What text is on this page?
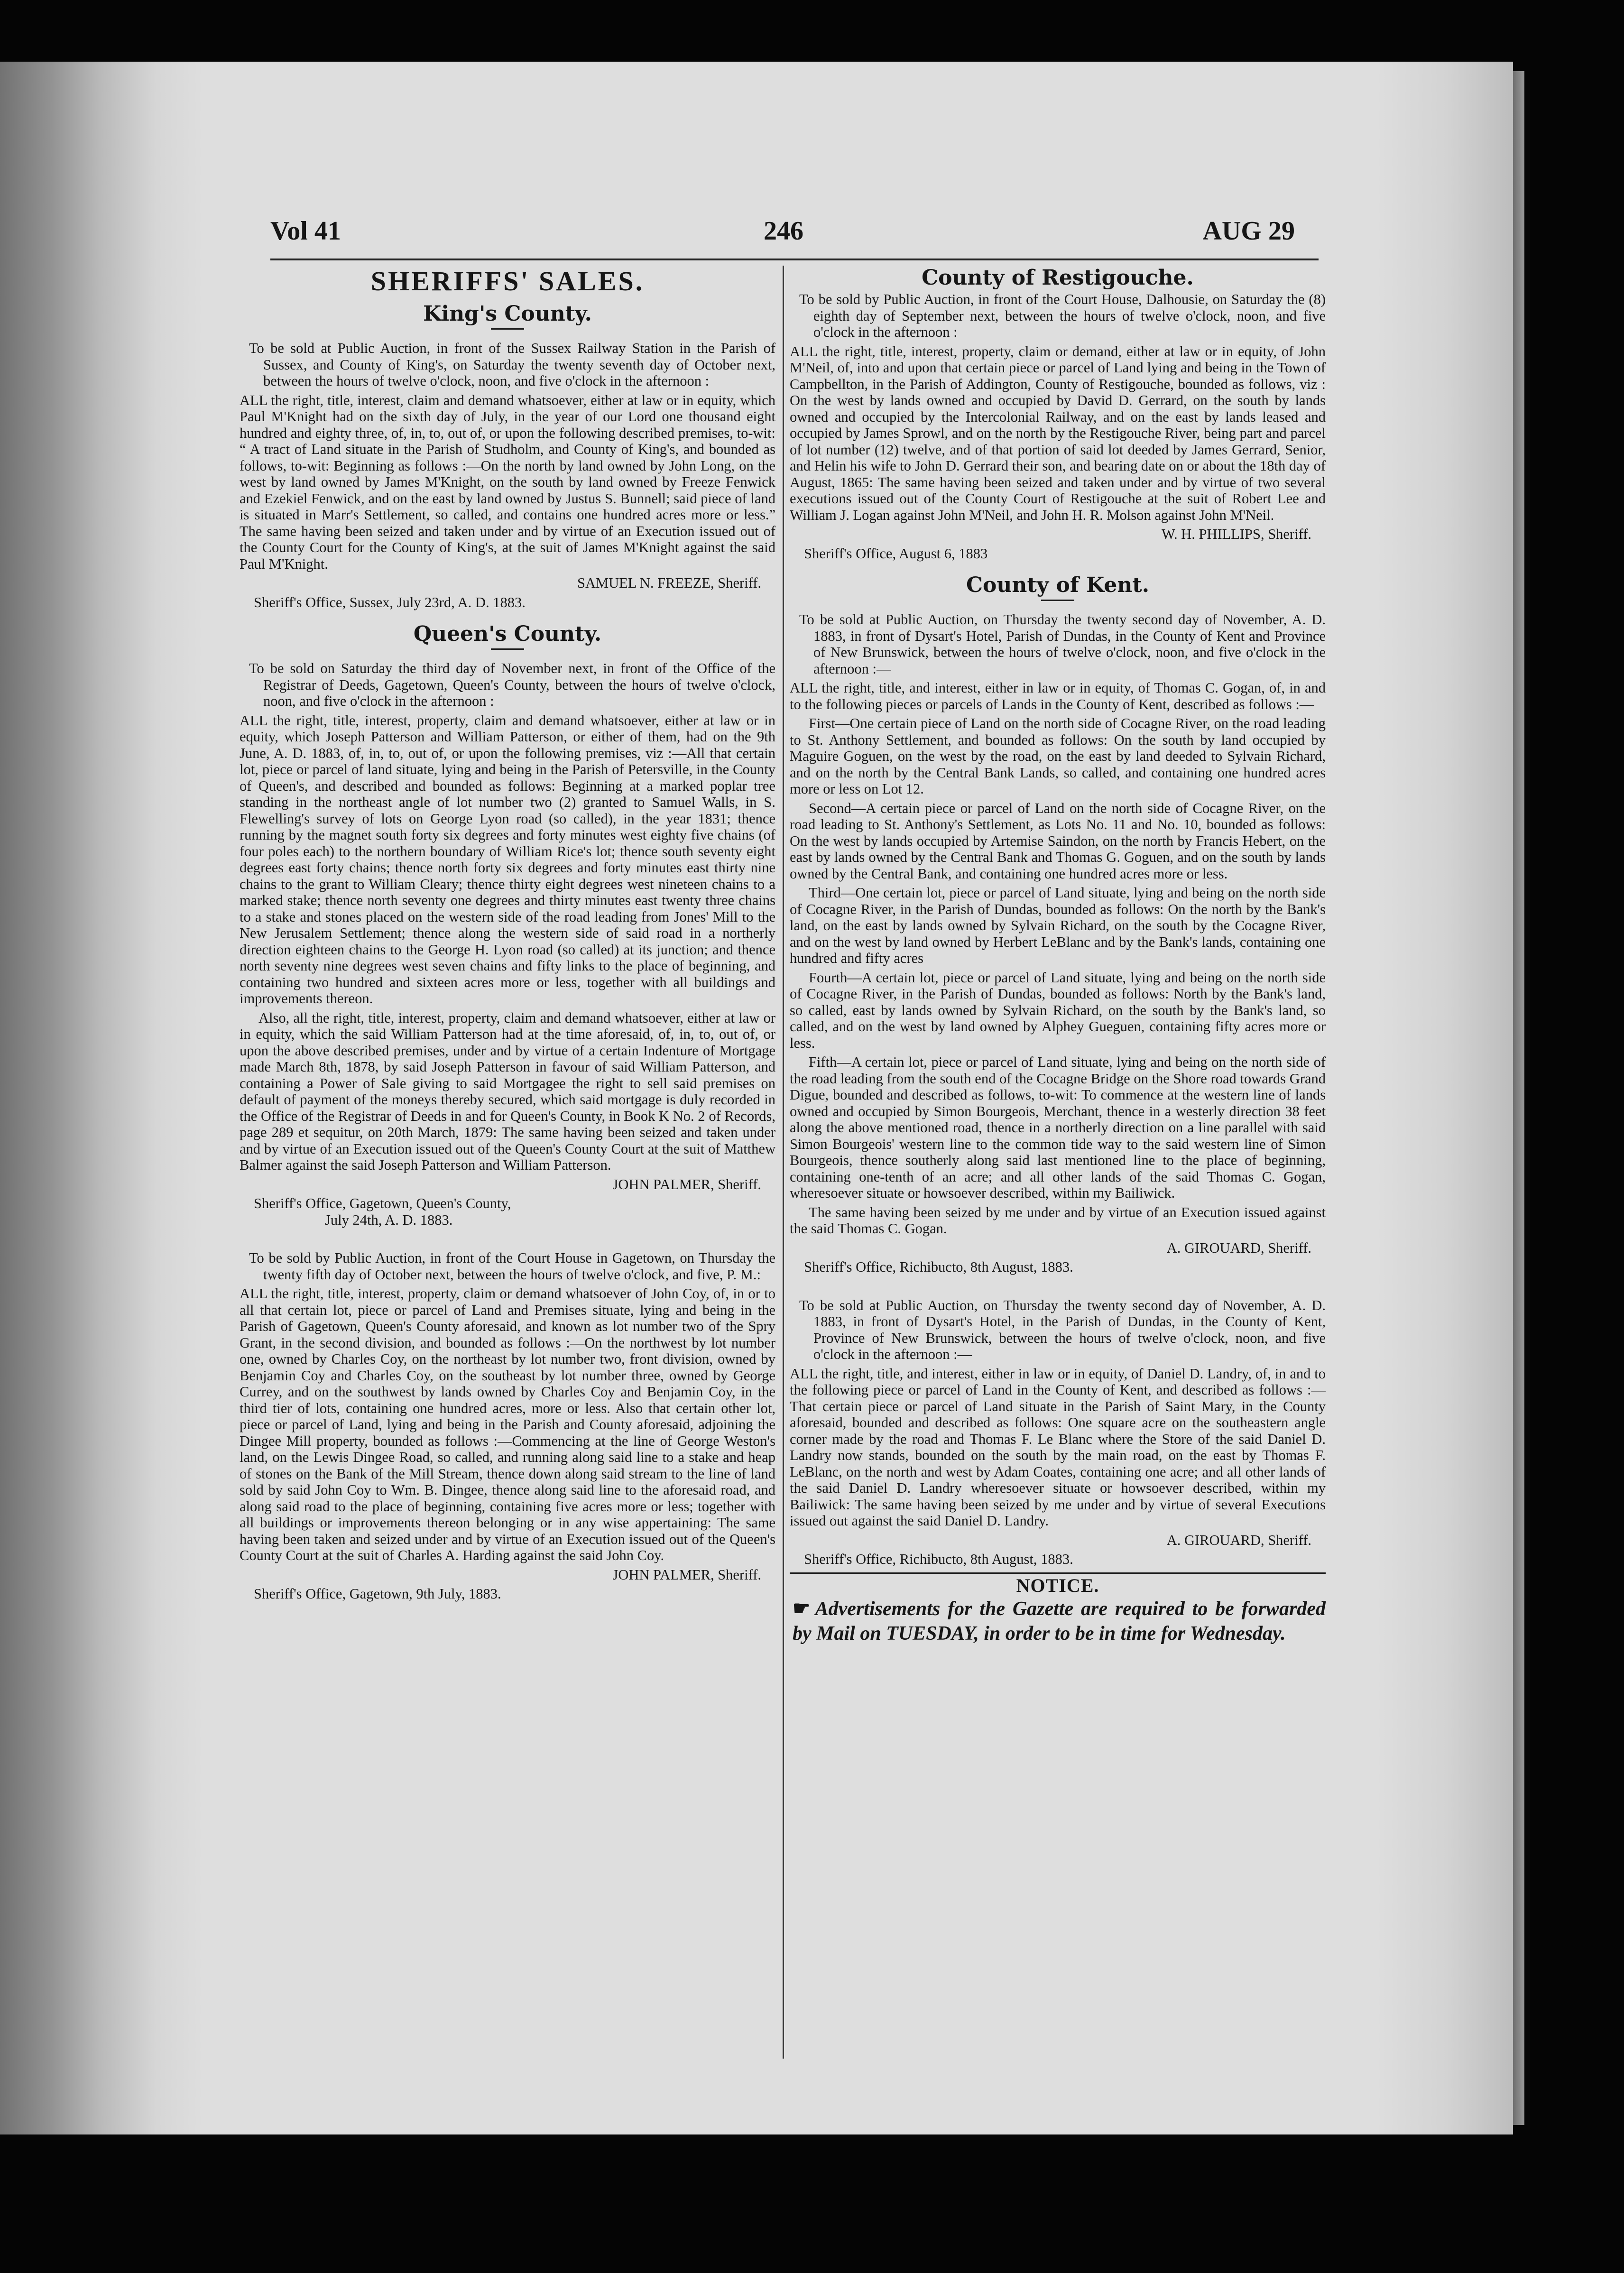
Vol 41	246	AUG 29
SHERIFFS' SALES.
King's County.

To be sold at Public Auction, in front of the Sussex Railway Station in the Parish of Sussex, and County of King's, on Saturday the twenty seventh day of October next, between the hours of twelve o'clock, noon, and five o'clock in the afternoon :

ALL the right, title, interest, claim and demand whatsoever, either at law or in equity, which Paul M'Knight had on the sixth day of July, in the year of our Lord one thousand eight hundred and eighty three, of, in, to, out of, or upon the following described premises, to-wit: “ A tract of Land situate in the Parish of Studholm, and County of King's, and bounded as follows, to-wit: Beginning as follows :—On the north by land owned by John Long, on the west by land owned by James M'Knight, on the south by land owned by Freeze Fenwick and Ezekiel Fenwick, and on the east by land owned by Justus S. Bunnell; said piece of land is situated in Marr's Settlement, so called, and contains one hundred acres more or less.” The same having been seized and taken under and by virtue of an Execution issued out of the County Court for the County of King's, at the suit of James M'Knight against the said Paul M'Knight.

SAMUEL N. FREEZE, Sheriff.

Sheriff's Office, Sussex, July 23rd, A. D. 1883.

Queen's County.

To be sold on Saturday the third day of November next, in front of the Office of the Registrar of Deeds, Gagetown, Queen's County, between the hours of twelve o'clock, noon, and five o'clock in the afternoon :

ALL the right, title, interest, property, claim and demand whatsoever, either at law or in equity, which Joseph Patterson and William Patterson, or either of them, had on the 9th June, A. D. 1883, of, in, to, out of, or upon the following premises, viz :—All that certain lot, piece or parcel of land situate, lying and being in the Parish of Petersville, in the County of Queen's, and described and bounded as follows: Beginning at a marked poplar tree standing in the northeast angle of lot number two (2) granted to Samuel Walls, in S. Flewelling's survey of lots on George Lyon road (so called), in the year 1831; thence running by the magnet south forty six degrees and forty minutes west eighty five chains (of four poles each) to the northern boundary of William Rice's lot; thence south seventy eight degrees east forty chains; thence north forty six degrees and forty minutes east thirty nine chains to the grant to William Cleary; thence thirty eight degrees west nineteen chains to a marked stake; thence north seventy one degrees and thirty minutes east twenty three chains to a stake and stones placed on the western side of the road leading from Jones' Mill to the New Jerusalem Settlement; thence along the western side of said road in a northerly direction eighteen chains to the George H. Lyon road (so called) at its junction; and thence north seventy nine degrees west seven chains and fifty links to the place of beginning, and containing two hundred and sixteen acres more or less, together with all buildings and improvements thereon.

Also, all the right, title, interest, property, claim and demand whatsoever, either at law or in equity, which the said William Patterson had at the time aforesaid, of, in, to, out of, or upon the above described premises, under and by virtue of a certain Indenture of Mortgage made March 8th, 1878, by said Joseph Patterson in favour of said William Patterson, and containing a Power of Sale giving to said Mortgagee the right to sell said premises on default of payment of the moneys thereby secured, which said mortgage is duly recorded in the Office of the Registrar of Deeds in and for Queen's County, in Book K No. 2 of Records, page 289 et sequitur, on 20th March, 1879: The same having been seized and taken under and by virtue of an Execution issued out of the Queen's County Court at the suit of Matthew Balmer against the said Joseph Patterson and William Patterson.

JOHN PALMER, Sheriff.

Sheriff's Office, Gagetown, Queen's County,

July 24th, A. D. 1883.

To be sold by Public Auction, in front of the Court House in Gagetown, on Thursday the twenty fifth day of October next, between the hours of twelve o'clock, and five, P. M.:

ALL the right, title, interest, property, claim or demand whatsoever of John Coy, of, in or to all that certain lot, piece or parcel of Land and Premises situate, lying and being in the Parish of Gagetown, Queen's County aforesaid, and known as lot number two of the Spry Grant, in the second division, and bounded as follows :—On the northwest by lot number one, owned by Charles Coy, on the northeast by lot number two, front division, owned by Benjamin Coy and Charles Coy, on the southeast by lot number three, owned by George Currey, and on the southwest by lands owned by Charles Coy and Benjamin Coy, in the third tier of lots, containing one hundred acres, more or less. Also that certain other lot, piece or parcel of Land, lying and being in the Parish and County aforesaid, adjoining the Dingee Mill property, bounded as follows :—Commencing at the line of George Weston's land, on the Lewis Dingee Road, so called, and running along said line to a stake and heap of stones on the Bank of the Mill Stream, thence down along said stream to the line of land sold by said John Coy to Wm. B. Dingee, thence along said line to the aforesaid road, and along said road to the place of beginning, containing five acres more or less; together with all buildings or improvements thereon belonging or in any wise appertaining: The same having been taken and seized under and by virtue of an Execution issued out of the Queen's County Court at the suit of Charles A. Harding against the said John Coy.

JOHN PALMER, Sheriff.

Sheriff's Office, Gagetown, 9th July, 1883.

County of Restigouche.

To be sold by Public Auction, in front of the Court House, Dalhousie, on Saturday the (8) eighth day of September next, between the hours of twelve o'clock, noon, and five o'clock in the afternoon :

ALL the right, title, interest, property, claim or demand, either at law or in equity, of John M'Neil, of, into and upon that certain piece or parcel of Land lying and being in the Town of Campbellton, in the Parish of Addington, County of Restigouche, bounded as follows, viz : On the west by lands owned and occupied by David D. Gerrard, on the south by lands owned and occupied by the Intercolonial Railway, and on the east by lands leased and occupied by James Sprowl, and on the north by the Restigouche River, being part and parcel of lot number (12) twelve, and of that portion of said lot deeded by James Gerrard, Senior, and Helin his wife to John D. Gerrard their son, and bearing date on or about the 18th day of August, 1865: The same having been seized and taken under and by virtue of two several executions issued out of the County Court of Restigouche at the suit of Robert Lee and William J. Logan against John M'Neil, and John H. R. Molson against John M'Neil.

W. H. PHILLIPS, Sheriff.

Sheriff's Office, August 6, 1883

County of Kent.

To be sold at Public Auction, on Thursday the twenty second day of November, A. D. 1883, in front of Dysart's Hotel, Parish of Dundas, in the County of Kent and Province of New Brunswick, between the hours of twelve o'clock, noon, and five o'clock in the afternoon :—

ALL the right, title, and interest, either in law or in equity, of Thomas C. Gogan, of, in and to the following pieces or parcels of Lands in the County of Kent, described as follows :—

First—One certain piece of Land on the north side of Cocagne River, on the road leading to St. Anthony Settlement, and bounded as follows: On the south by land occupied by Maguire Goguen, on the west by the road, on the east by land deeded to Sylvain Richard, and on the north by the Central Bank Lands, so called, and containing one hundred acres more or less on Lot 12.

Second—A certain piece or parcel of Land on the north side of Cocagne River, on the road leading to St. Anthony's Settlement, as Lots No. 11 and No. 10, bounded as follows: On the west by lands occupied by Artemise Saindon, on the north by Francis Hebert, on the east by lands owned by the Central Bank and Thomas G. Goguen, and on the south by lands owned by the Central Bank, and containing one hundred acres more or less.

Third—One certain lot, piece or parcel of Land situate, lying and being on the north side of Cocagne River, in the Parish of Dundas, bounded as follows: On the north by the Bank's land, on the east by lands owned by Sylvain Richard, on the south by the Cocagne River, and on the west by land owned by Herbert LeBlanc and by the Bank's lands, containing one hundred and fifty acres

Fourth—A certain lot, piece or parcel of Land situate, lying and being on the north side of Cocagne River, in the Parish of Dundas, bounded as follows: North by the Bank's land, so called, east by lands owned by Sylvain Richard, on the south by the Bank's land, so called, and on the west by land owned by Alphey Gueguen, containing fifty acres more or less.

Fifth—A certain lot, piece or parcel of Land situate, lying and being on the north side of the road leading from the south end of the Cocagne Bridge on the Shore road towards Grand Digue, bounded and described as follows, to-wit: To commence at the western line of lands owned and occupied by Simon Bourgeois, Merchant, thence in a westerly direction 38 feet along the above mentioned road, thence in a northerly direction on a line parallel with said Simon Bourgeois' western line to the common tide way to the said western line of Simon Bourgeois, thence southerly along said last mentioned line to the place of beginning, containing one-tenth of an acre; and all other lands of the said Thomas C. Gogan, wheresoever situate or howsoever described, within my Bailiwick.

The same having been seized by me under and by virtue of an Execution issued against the said Thomas C. Gogan.

A. GIROUARD, Sheriff.

Sheriff's Office, Richibucto, 8th August, 1883.

To be sold at Public Auction, on Thursday the twenty second day of November, A. D. 1883, in front of Dysart's Hotel, in the Parish of Dundas, in the County of Kent, Province of New Brunswick, between the hours of twelve o'clock, noon, and five o'clock in the afternoon :—

ALL the right, title, and interest, either in law or in equity, of Daniel D. Landry, of, in and to the following piece or parcel of Land in the County of Kent, and described as follows :—That certain piece or parcel of Land situate in the Parish of Saint Mary, in the County aforesaid, bounded and described as follows: One square acre on the southeastern angle corner made by the road and Thomas F. Le Blanc where the Store of the said Daniel D. Landry now stands, bounded on the south by the main road, on the east by Thomas F. LeBlanc, on the north and west by Adam Coates, containing one acre; and all other lands of the said Daniel D. Landry wheresoever situate or howsoever described, within my Bailiwick: The same having been seized by me under and by virtue of several Executions issued out against the said Daniel D. Landry.

A. GIROUARD, Sheriff.

Sheriff's Office, Richibucto, 8th August, 1883.

NOTICE.

☛ Advertisements for the Gazette are required to be forwarded by Mail on TUESDAY, in order to be in time for Wednesday.
